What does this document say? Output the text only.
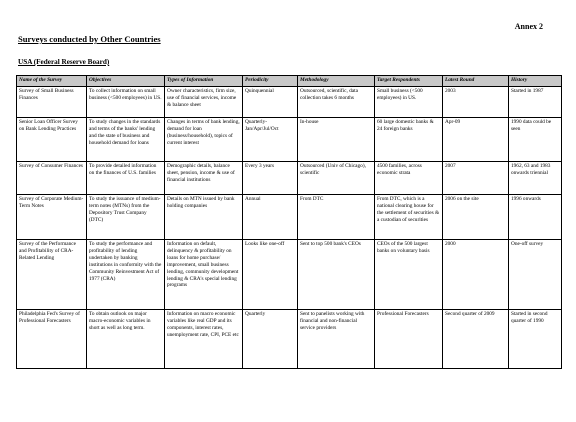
Annex 2
Surveys conducted by Other Countries
USA (Federal Reserve Board)
Name of the Survey	Objectives	Types of Information	Periodicity	Methodology	Target Respondents	Latest Round	History
Survey of Small Business Finances	To collect information on small business (<500 employees) in US.	Owner characteristics, firm size, use of financial services, income & balance sheet	Quinquennial	Outsourced, scientific, data collection takes 6 months	Small business (<500 employees) in US.	2003	Started in 1987
Senior Loan Officer Survey on Bank Lending Practices	To study changes in the standards and terms of the banks' lending and the state of business and household demand for loans	Changes in terms of bank lending, demand for loan (business/household), topics of current interest	Quarterly-Jan/Apr/Jul/Oct	In-house	60 large domestic banks & 24 foreign banks	Apr-09	1990 data could be seen
Survey of Consumer Finances	To provide detailed information on the finances of U.S. families	Demographic details, balance sheet, pension, income & use of financial institutions	Every 3 years	Outsourced (Univ of Chicago), scientific	4500 families, across economic strata	2007	1962, 63 and 1983 onwards triennial
Survey of Corporate Medium-Term Notes	To study the issuance of medium-term notes (MTNs) from the Depository Trust Company (DTC)	Details on MTN issued by bank holding companies	Annual	From DTC	From DTC, which is a national clearing house for the settlement of securities & a custodian of securities	2006 on the site	1996 onwards
Survey of the Performance and Profitability of CRA-Related Lending	To study the performance and profitability of lending undertaken by banking institutions in conformity with the Community Reinvestment Act of 1977 (CRA)	Information on default, delinquency & profitability on loans for home purchase/ improvement, small business lending, community development lending & CRA's special lending programs	Looks like one-off	Sent to top 500 bank's CEOs	CEOs of the 500 largest banks on voluntary basis	2000	One-off survey
Philadelphia Fed's Survey of Professional Forecasters	To obtain outlook on major macro-economic variables in short as well as long term.	Information on macro economic variables like real GDP and its components, interest rates, unemployment rate, CPI, PCE etc	Quarterly	Sent to panelists working with financial and non-financial service providers	Professional Forecasters	Second quarter of 2009	Started in second quarter of 1990
